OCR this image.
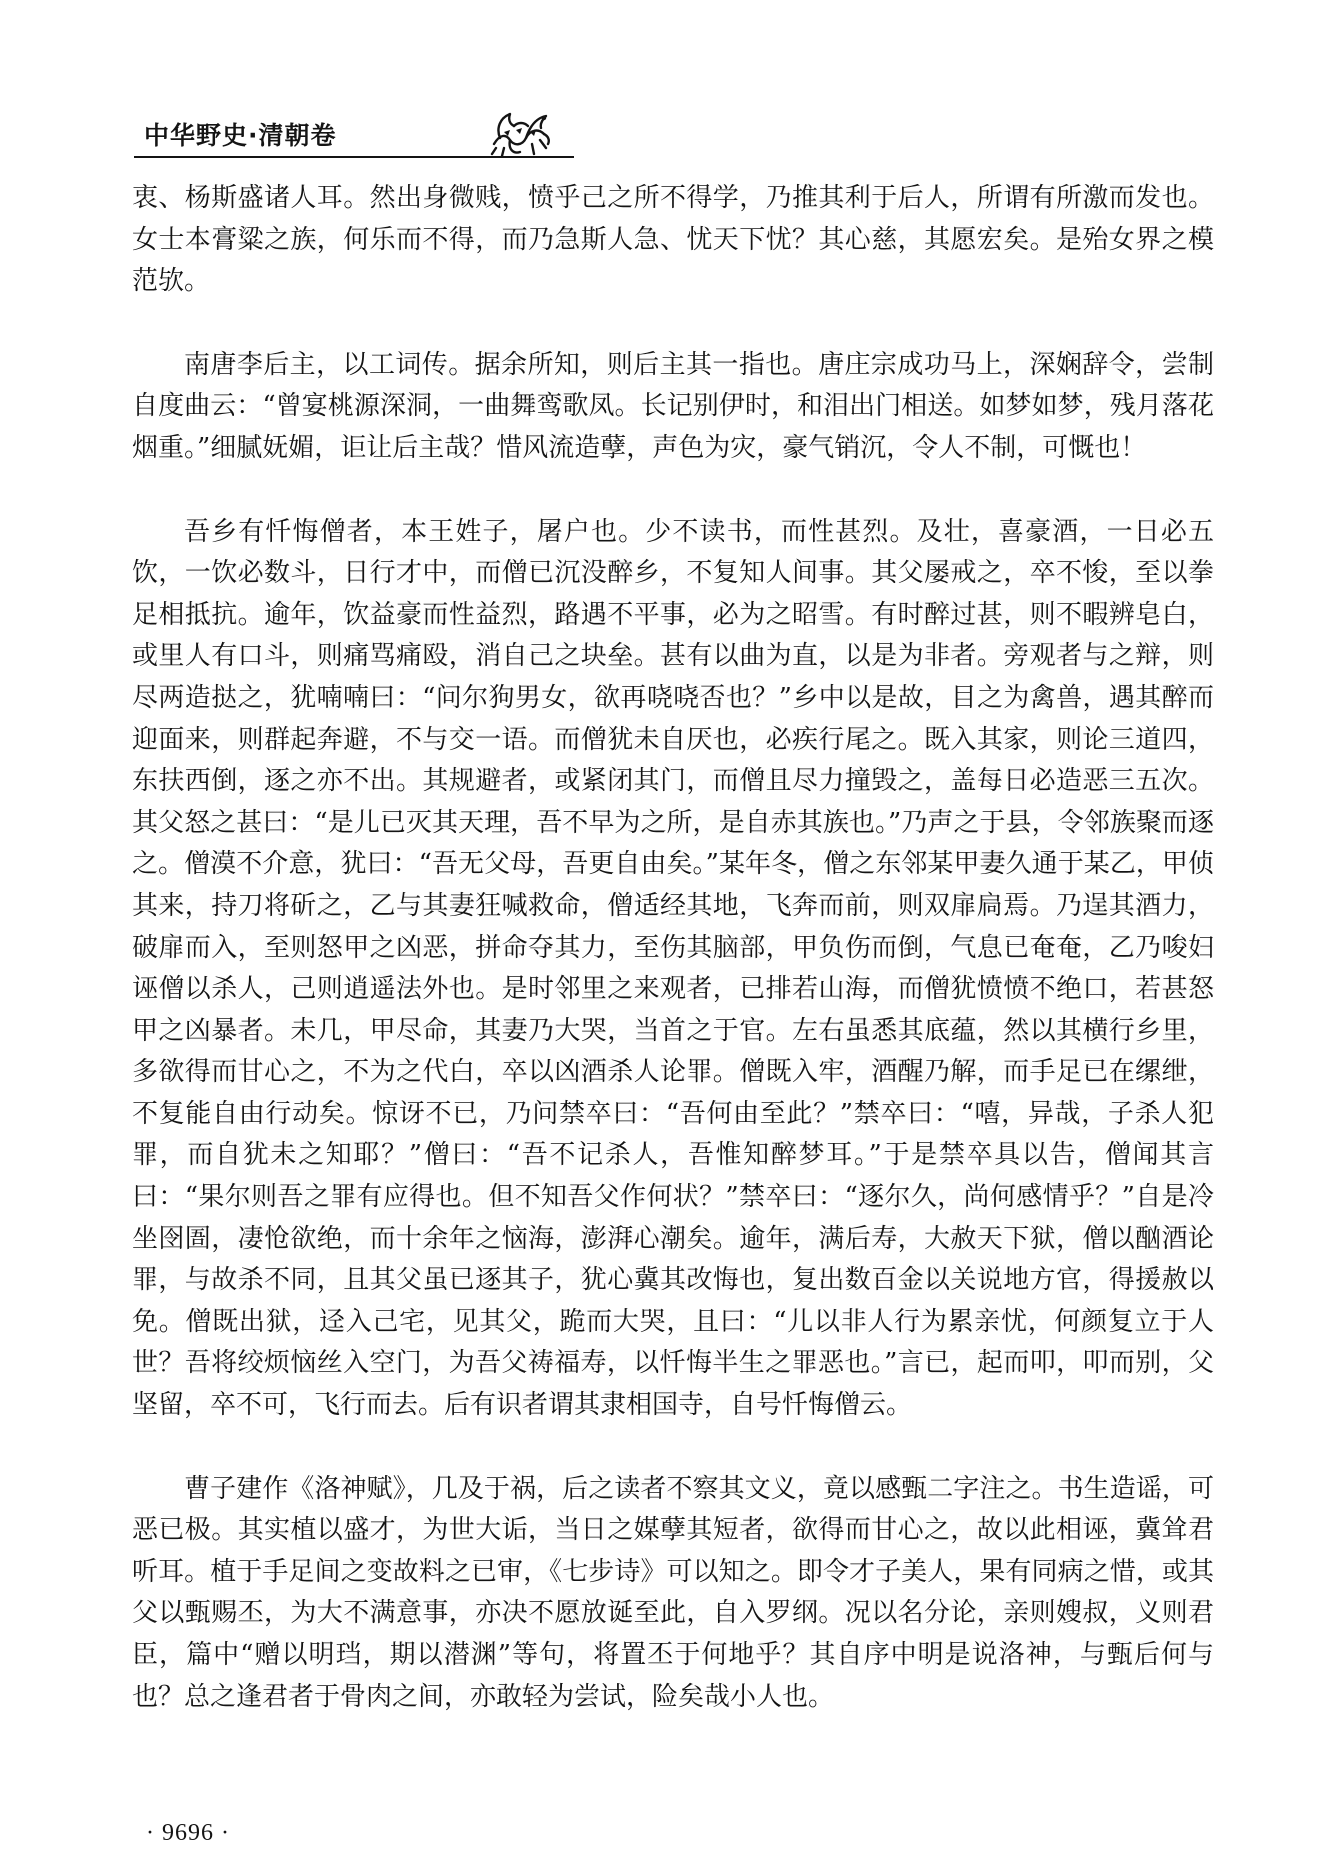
中华野史·清朝卷

衷、杨斯盛诸人耳。然出身微贱，愤乎己之所不得学，乃推其利于后人，所谓有所激而发也。女士本膏粱之族，何乐而不得，而乃急斯人急、忧天下忧？其心慈，其愿宏矣。是殆女界之模范欤。

南唐李后主，以工词传。据余所知，则后主其一指也。唐庄宗成功马上，深娴辞令，尝制自度曲云：“曾宴桃源深洞，一曲舞鸾歌凤。长记别伊时，和泪出门相送。如梦如梦，残月落花烟重。”细腻妩媚，讵让后主哉？惜风流造孽，声色为灾，豪气销沉，令人不制，可慨也！

吾乡有忏悔僧者，本王姓子，屠户也。少不读书，而性甚烈。及壮，喜豪酒，一日必五饮，一饮必数斗，日行才中，而僧已沉没醉乡，不复知人间事。其父屡戒之，卒不悛，至以拳足相抵抗。逾年，饮益豪而性益烈，路遇不平事，必为之昭雪。有时醉过甚，则不暇辨皂白，或里人有口斗，则痛骂痛殴，消自己之块垒。甚有以曲为直，以是为非者。旁观者与之辩，则尽两造挞之，犹喃喃曰：“问尔狗男女，欲再哓哓否也？”乡中以是故，目之为禽兽，遇其醉而迎面来，则群起奔避，不与交一语。而僧犹未自厌也，必疾行尾之。既入其家，则论三道四，东扶西倒，逐之亦不出。其规避者，或紧闭其门，而僧且尽力撞毁之，盖每日必造恶三五次。其父怒之甚曰：“是儿已灭其天理，吾不早为之所，是自赤其族也。”乃声之于县，令邻族聚而逐之。僧漠不介意，犹曰：“吾无父母，吾更自由矣。”某年冬，僧之东邻某甲妻久通于某乙，甲侦其来，持刀将斫之，乙与其妻狂喊救命，僧适经其地，飞奔而前，则双扉扃焉。乃逞其酒力，破扉而入，至则怒甲之凶恶，拼命夺其力，至伤其脑部，甲负伤而倒，气息已奄奄，乙乃唆妇诬僧以杀人，己则逍遥法外也。是时邻里之来观者，已排若山海，而僧犹愤愤不绝口，若甚怒甲之凶暴者。未几，甲尽命，其妻乃大哭，当首之于官。左右虽悉其底蕴，然以其横行乡里，多欲得而甘心之，不为之代白，卒以凶酒杀人论罪。僧既入牢，酒醒乃解，而手足已在缧绁，不复能自由行动矣。惊讶不已，乃问禁卒曰：“吾何由至此？”禁卒曰：“嘻，异哉，子杀人犯罪，而自犹未之知耶？”僧曰：“吾不记杀人，吾惟知醉梦耳。”于是禁卒具以告，僧闻其言曰：“果尔则吾之罪有应得也。但不知吾父作何状？”禁卒曰：“逐尔久，尚何感情乎？”自是冷坐囹圄，凄怆欲绝，而十余年之恼海，澎湃心潮矣。逾年，满后寿，大赦天下狱，僧以酗酒论罪，与故杀不同，且其父虽已逐其子，犹心冀其改悔也，复出数百金以关说地方官，得援赦以免。僧既出狱，迳入己宅，见其父，跪而大哭，且曰：“儿以非人行为累亲忧，何颜复立于人世？吾将绞烦恼丝入空门，为吾父祷福寿，以忏悔半生之罪恶也。”言已，起而叩，叩而别，父坚留，卒不可，飞行而去。后有识者谓其隶相国寺，自号忏悔僧云。

曹子建作《洛神赋》，几及于祸，后之读者不察其文义，竟以感甄二字注之。书生造谣，可恶已极。其实植以盛才，为世大诟，当日之媒孽其短者，欲得而甘心之，故以此相诬，冀耸君听耳。植于手足间之变故料之已审，《七步诗》可以知之。即令才子美人，果有同病之惜，或其父以甄赐丕，为大不满意事，亦决不愿放诞至此，自入罗纲。况以名分论，亲则嫂叔，义则君臣，篇中“赠以明珰，期以潜渊”等句，将置丕于何地乎？其自序中明是说洛神，与甄后何与也？总之逢君者于骨肉之间，亦敢轻为尝试，险矣哉小人也。

· 9696 ·
